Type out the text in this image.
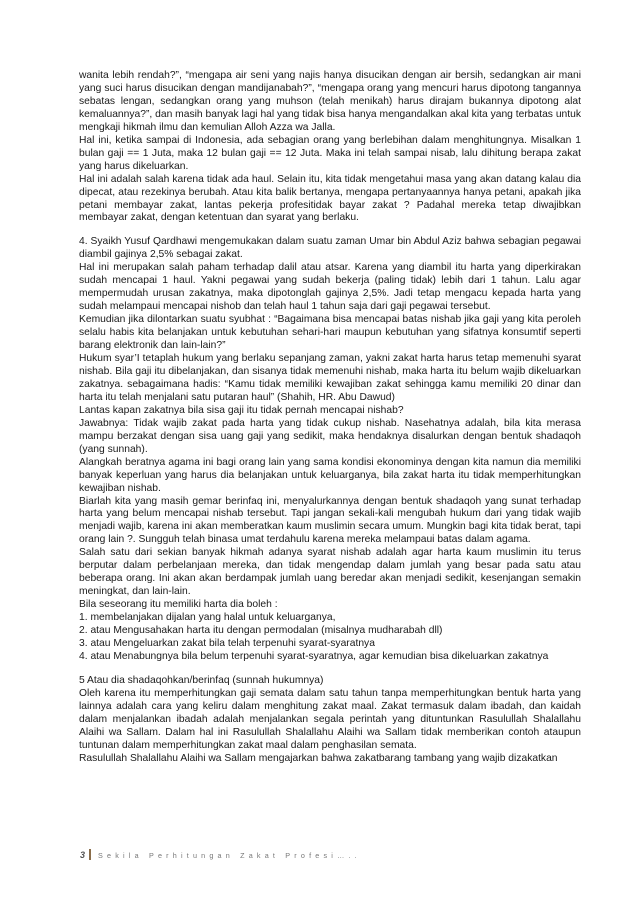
wanita lebih rendah?”, “mengapa air seni yang najis hanya disucikan dengan air bersih, sedangkan air mani yang suci harus disucikan dengan mandijanabah?”, “mengapa orang yang mencuri harus dipotong tangannya sebatas lengan, sedangkan orang yang muhson (telah menikah) harus dirajam bukannya dipotong alat kemaluannya?”, dan masih banyak lagi hal yang tidak bisa hanya mengandalkan akal kita yang terbatas untuk mengkaji hikmah ilmu dan kemulian Alloh Azza wa Jalla.

Hal ini, ketika sampai di Indonesia, ada sebagian orang yang berlebihan dalam menghitungnya. Misalkan 1 bulan gaji == 1 Juta, maka 12 bulan gaji == 12 Juta. Maka ini telah sampai nisab, lalu dihitung berapa zakat yang harus dikeluarkan.

Hal ini adalah salah karena tidak ada haul. Selain itu, kita tidak mengetahui masa yang akan datang kalau dia dipecat, atau rezekinya berubah. Atau kita balik bertanya, mengapa pertanyaannya hanya petani, apakah jika petani membayar zakat, lantas pekerja profesitidak bayar zakat ? Padahal mereka tetap diwajibkan membayar zakat, dengan ketentuan dan syarat yang berlaku.

4. Syaikh Yusuf Qardhawi mengemukakan dalam suatu zaman Umar bin Abdul Aziz bahwa sebagian pegawai diambil gajinya 2,5% sebagai zakat.

Hal ini merupakan salah paham terhadap dalil atau atsar. Karena yang diambil itu harta yang diperkirakan sudah mencapai 1 haul. Yakni pegawai yang sudah bekerja (paling tidak) lebih dari 1 tahun. Lalu agar mempermudah urusan zakatnya, maka dipotonglah gajinya 2,5%. Jadi tetap mengacu kepada harta yang sudah melampaui mencapai nishob dan telah haul 1 tahun saja dari gaji pegawai tersebut.

Kemudian jika dilontarkan suatu syubhat : “Bagaimana bisa mencapai batas nishab jika gaji yang kita peroleh selalu habis kita belanjakan untuk kebutuhan sehari-hari maupun kebutuhan yang sifatnya konsumtif seperti barang elektronik dan lain-lain?”

Hukum syar’I tetaplah hukum yang berlaku sepanjang zaman, yakni zakat harta harus tetap memenuhi syarat nishab. Bila gaji itu dibelanjakan, dan sisanya tidak memenuhi nishab, maka harta itu belum wajib dikeluarkan zakatnya. sebagaimana hadis: “Kamu tidak memiliki kewajiban zakat sehingga kamu memiliki 20 dinar dan harta itu telah menjalani satu putaran haul” (Shahih, HR. Abu Dawud)

Lantas kapan zakatnya bila sisa gaji itu tidak pernah mencapai nishab?

Jawabnya: Tidak wajib zakat pada harta yang tidak cukup nishab. Nasehatnya adalah, bila kita merasa mampu berzakat dengan sisa uang gaji yang sedikit, maka hendaknya disalurkan dengan bentuk shadaqoh (yang sunnah).

Alangkah beratnya agama ini bagi orang lain yang sama kondisi ekonominya dengan kita namun dia memiliki banyak keperluan yang harus dia belanjakan untuk keluarganya, bila zakat harta itu tidak memperhitungkan kewajiban nishab.

Biarlah kita yang masih gemar berinfaq ini, menyalurkannya dengan bentuk shadaqoh yang sunat terhadap harta yang belum mencapai nishab tersebut. Tapi jangan sekali-kali mengubah hukum dari yang tidak wajib menjadi wajib, karena ini akan memberatkan kaum muslimin secara umum. Mungkin bagi kita tidak berat, tapi orang lain ?. Sungguh telah binasa umat terdahulu karena mereka melampaui batas dalam agama.

Salah satu dari sekian banyak hikmah adanya syarat nishab adalah agar harta kaum muslimin itu terus berputar dalam perbelanjaan mereka, dan tidak mengendap dalam jumlah yang besar pada satu atau beberapa orang. Ini akan akan berdampak jumlah uang beredar akan menjadi sedikit, kesenjangan semakin meningkat, dan lain-lain.

Bila seseorang itu memiliki harta dia boleh :

1. membelanjakan dijalan yang halal untuk keluarganya,

2. atau Mengusahakan harta itu dengan permodalan (misalnya mudharabah dll)

3. atau Mengeluarkan zakat bila telah terpenuhi syarat-syaratnya

4. atau Menabungnya bila belum terpenuhi syarat-syaratnya, agar kemudian bisa dikeluarkan zakatnya

5 Atau dia shadaqohkan/berinfaq (sunnah hukumnya)

Oleh karena itu memperhitungkan gaji semata dalam satu tahun tanpa memperhitungkan bentuk harta yang lainnya adalah cara yang keliru dalam menghitung zakat maal. Zakat termasuk dalam ibadah, dan kaidah dalam menjalankan ibadah adalah menjalankan segala perintah yang dituntunkan Rasulullah Shalallahu Alaihi wa Sallam. Dalam hal ini Rasulullah Shalallahu Alaihi wa Sallam tidak memberikan contoh ataupun tuntunan dalam memperhitungkan zakat maal dalam penghasilan semata.

Rasulullah Shalallahu Alaihi wa Sallam mengajarkan bahwa zakatbarang tambang yang wajib dizakatkan

3 Sekila Perhitungan Zakat Profesi…..
